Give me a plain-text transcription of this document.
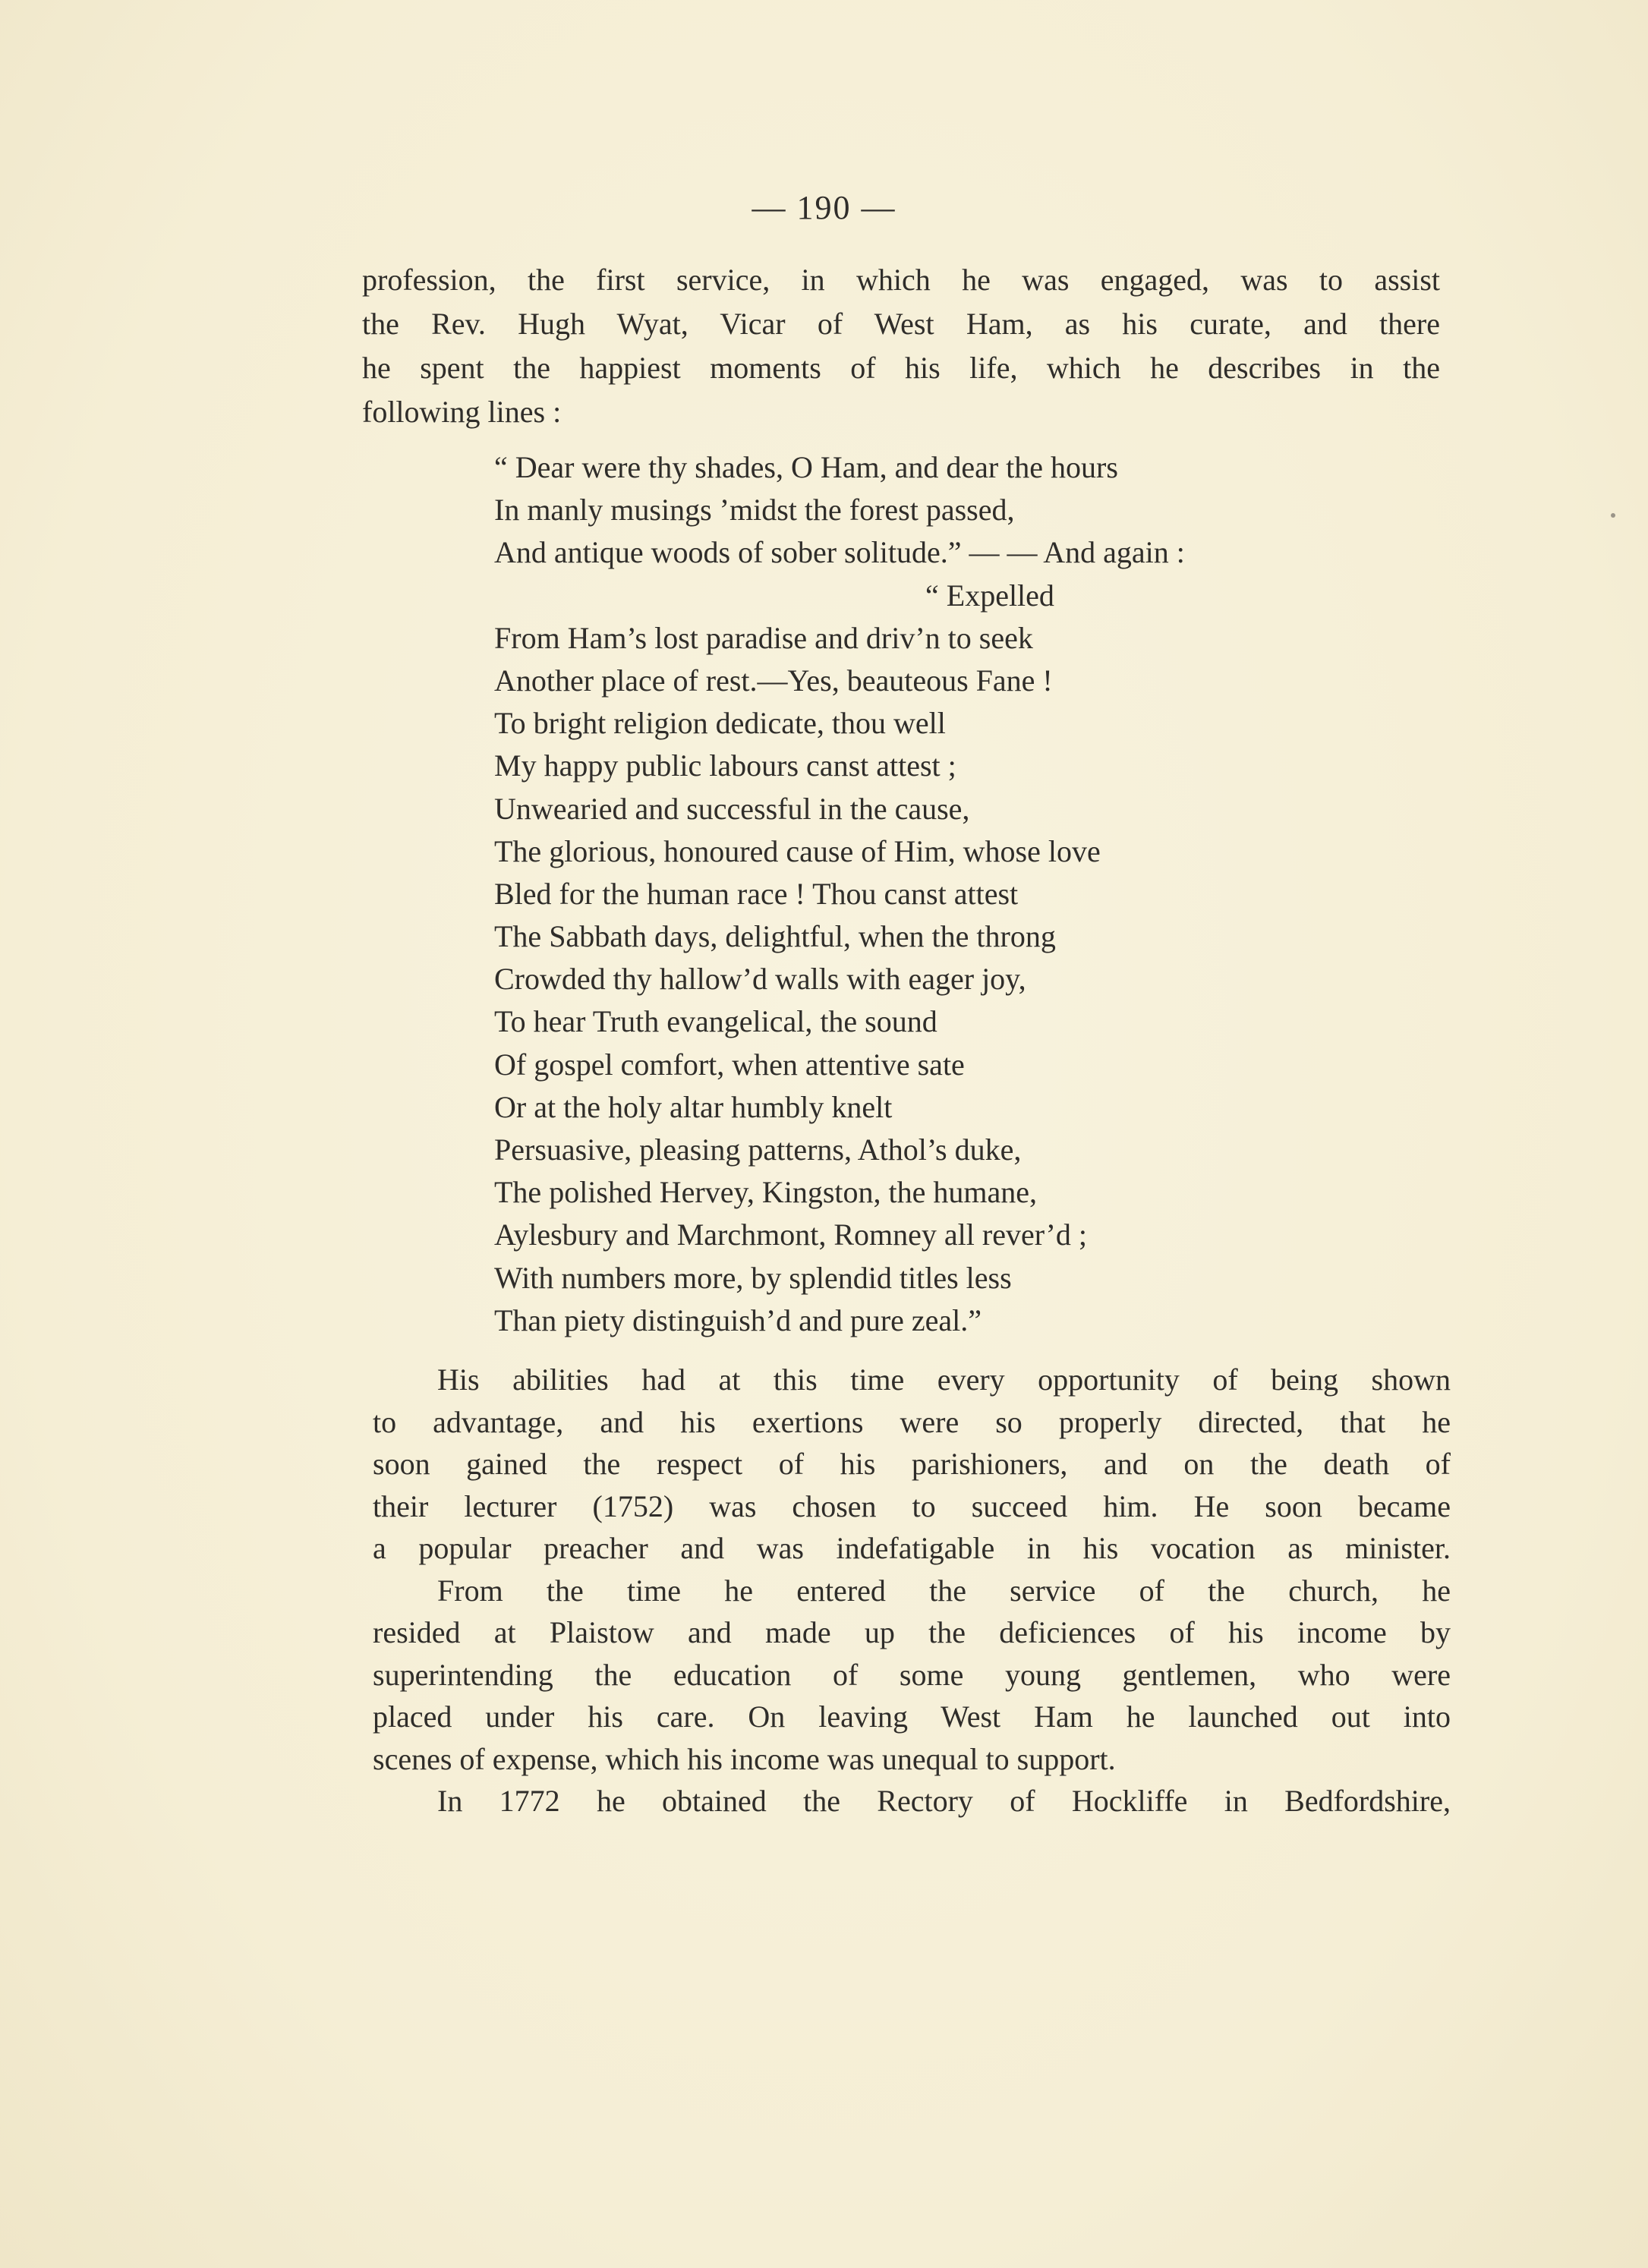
— 190 —
profession, the first service, in which he was engaged, was to assist
the Rev. Hugh Wyat, Vicar of West Ham, as his curate, and there
he spent the happiest moments of his life, which he describes in the
following lines :
“ Dear were thy shades, O Ham, and dear the hours
In manly musings ’midst the forest passed,
And antique woods of sober solitude.” — — And again :
“ Expelled
From Ham’s lost paradise and driv’n to seek
Another place of rest.—Yes, beauteous Fane !
To bright religion dedicate, thou well
My happy public labours canst attest ;
Unwearied and successful in the cause,
The glorious, honoured cause of Him, whose love
Bled for the human race ! Thou canst attest
The Sabbath days, delightful, when the throng
Crowded thy hallow’d walls with eager joy,
To hear Truth evangelical, the sound
Of gospel comfort, when attentive sate
Or at the holy altar humbly knelt
Persuasive, pleasing patterns, Athol’s duke,
The polished Hervey, Kingston, the humane,
Aylesbury and Marchmont, Romney all rever’d ;
With numbers more, by splendid titles less
Than piety distinguish’d and pure zeal.”
His abilities had at this time every opportunity of being shown
to advantage, and his exertions were so properly directed, that he
soon gained the respect of his parishioners, and on the death of
their lecturer (1752) was chosen to succeed him. He soon became
a popular preacher and was indefatigable in his vocation as minister.
From the time he entered the service of the church, he
resided at Plaistow and made up the deficiences of his income by
superintending the education of some young gentlemen, who were
placed under his care. On leaving West Ham he launched out into
scenes of expense, which his income was unequal to support.
In 1772 he obtained the Rectory of Hockliffe in Bedfordshire,
